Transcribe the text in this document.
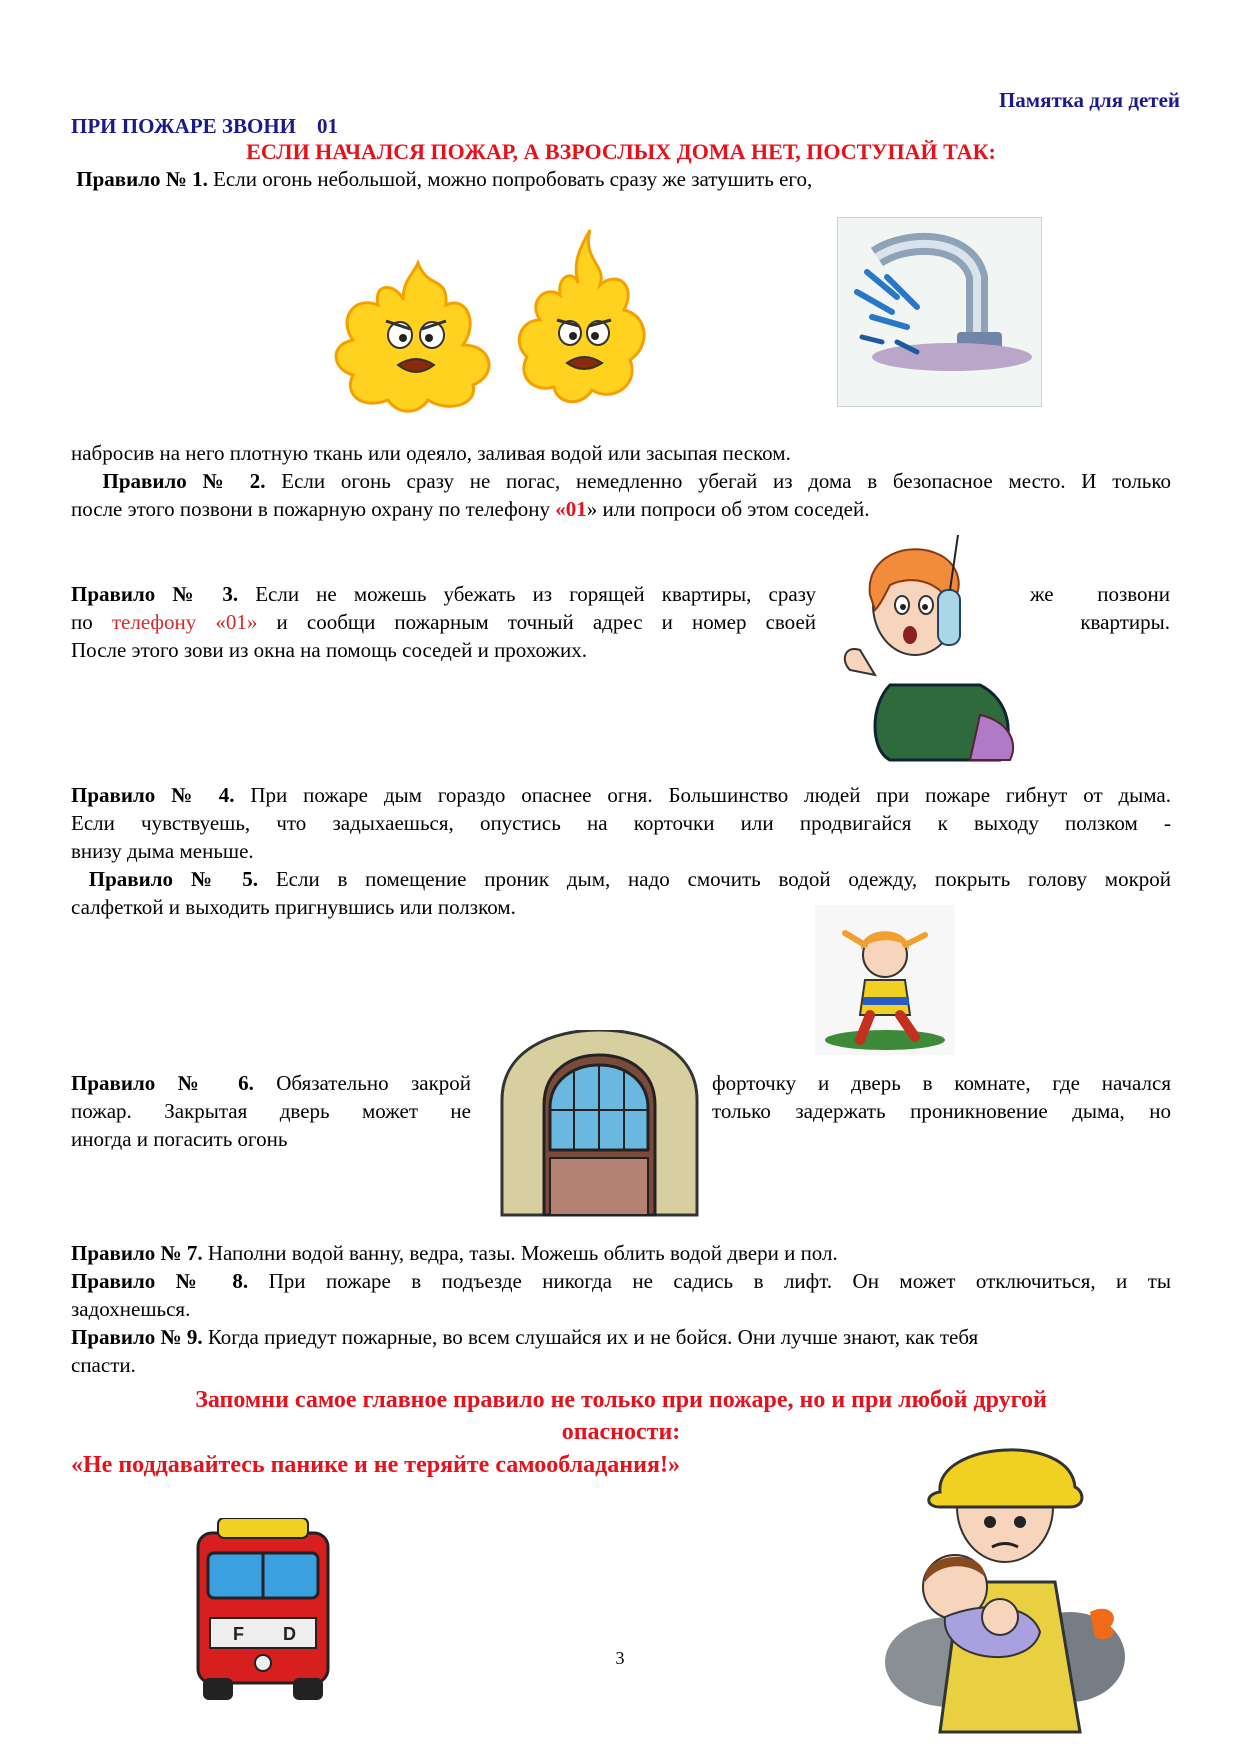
Памятка для детей
ПРИ ПОЖАРЕ ЗВОНИ 01
ЕСЛИ НАЧАЛСЯ ПОЖАР, А ВЗРОСЛЫХ ДОМА НЕТ, ПОСТУПАЙ ТАК:
Правило № 1. Если огонь небольшой, можно попробовать сразу же затушить его,
набросив на него плотную ткань или одеяло, заливая водой или засыпая песком.
Правило № 2. Если огонь сразу не погас, немедленно убегай из дома в безопасное место. И только
после этого позвони в пожарную охрану по телефону «01» или попроси об этом соседей.
Правило № 3. Если не можешь убежать из горящей квартиры, сразу	же позвони
по телефону «01» и сообщи пожарным точный адрес и номер своей	квартиры.
После этого зови из окна на помощь соседей и прохожих.
Правило № 4. При пожаре дым гораздо опаснее огня. Большинство людей при пожаре гибнут от дыма.
Если чувствуешь, что задыхаешься, опустись на корточки или продвигайся к выходу ползком -
внизу дыма меньше.
Правило № 5. Если в помещение проник дым, надо смочить водой одежду, покрыть голову мокрой
салфеткой и выходить пригнувшись или ползком.
Правило № 6. Обязательно закрой	форточку и дверь в комнате, где начался
пожар. Закрытая дверь может не	только задержать проникновение дыма, но
иногда и погасить огонь
Правило № 7. Наполни водой ванну, ведра, тазы. Можешь облить водой двери и пол.
Правило № 8. При пожаре в подъезде никогда не садись в лифт. Он может отключиться, и ты
задохнешься.
Правило № 9. Когда приедут пожарные, во всем слушайся их и не бойся. Они лучше знают, как тебя
спасти.
Запомни самое главное правило не только при пожаре, но и при любой другой
опасности:
«Не поддавайтесь панике и не теряйте самообладания!»
F D
3
